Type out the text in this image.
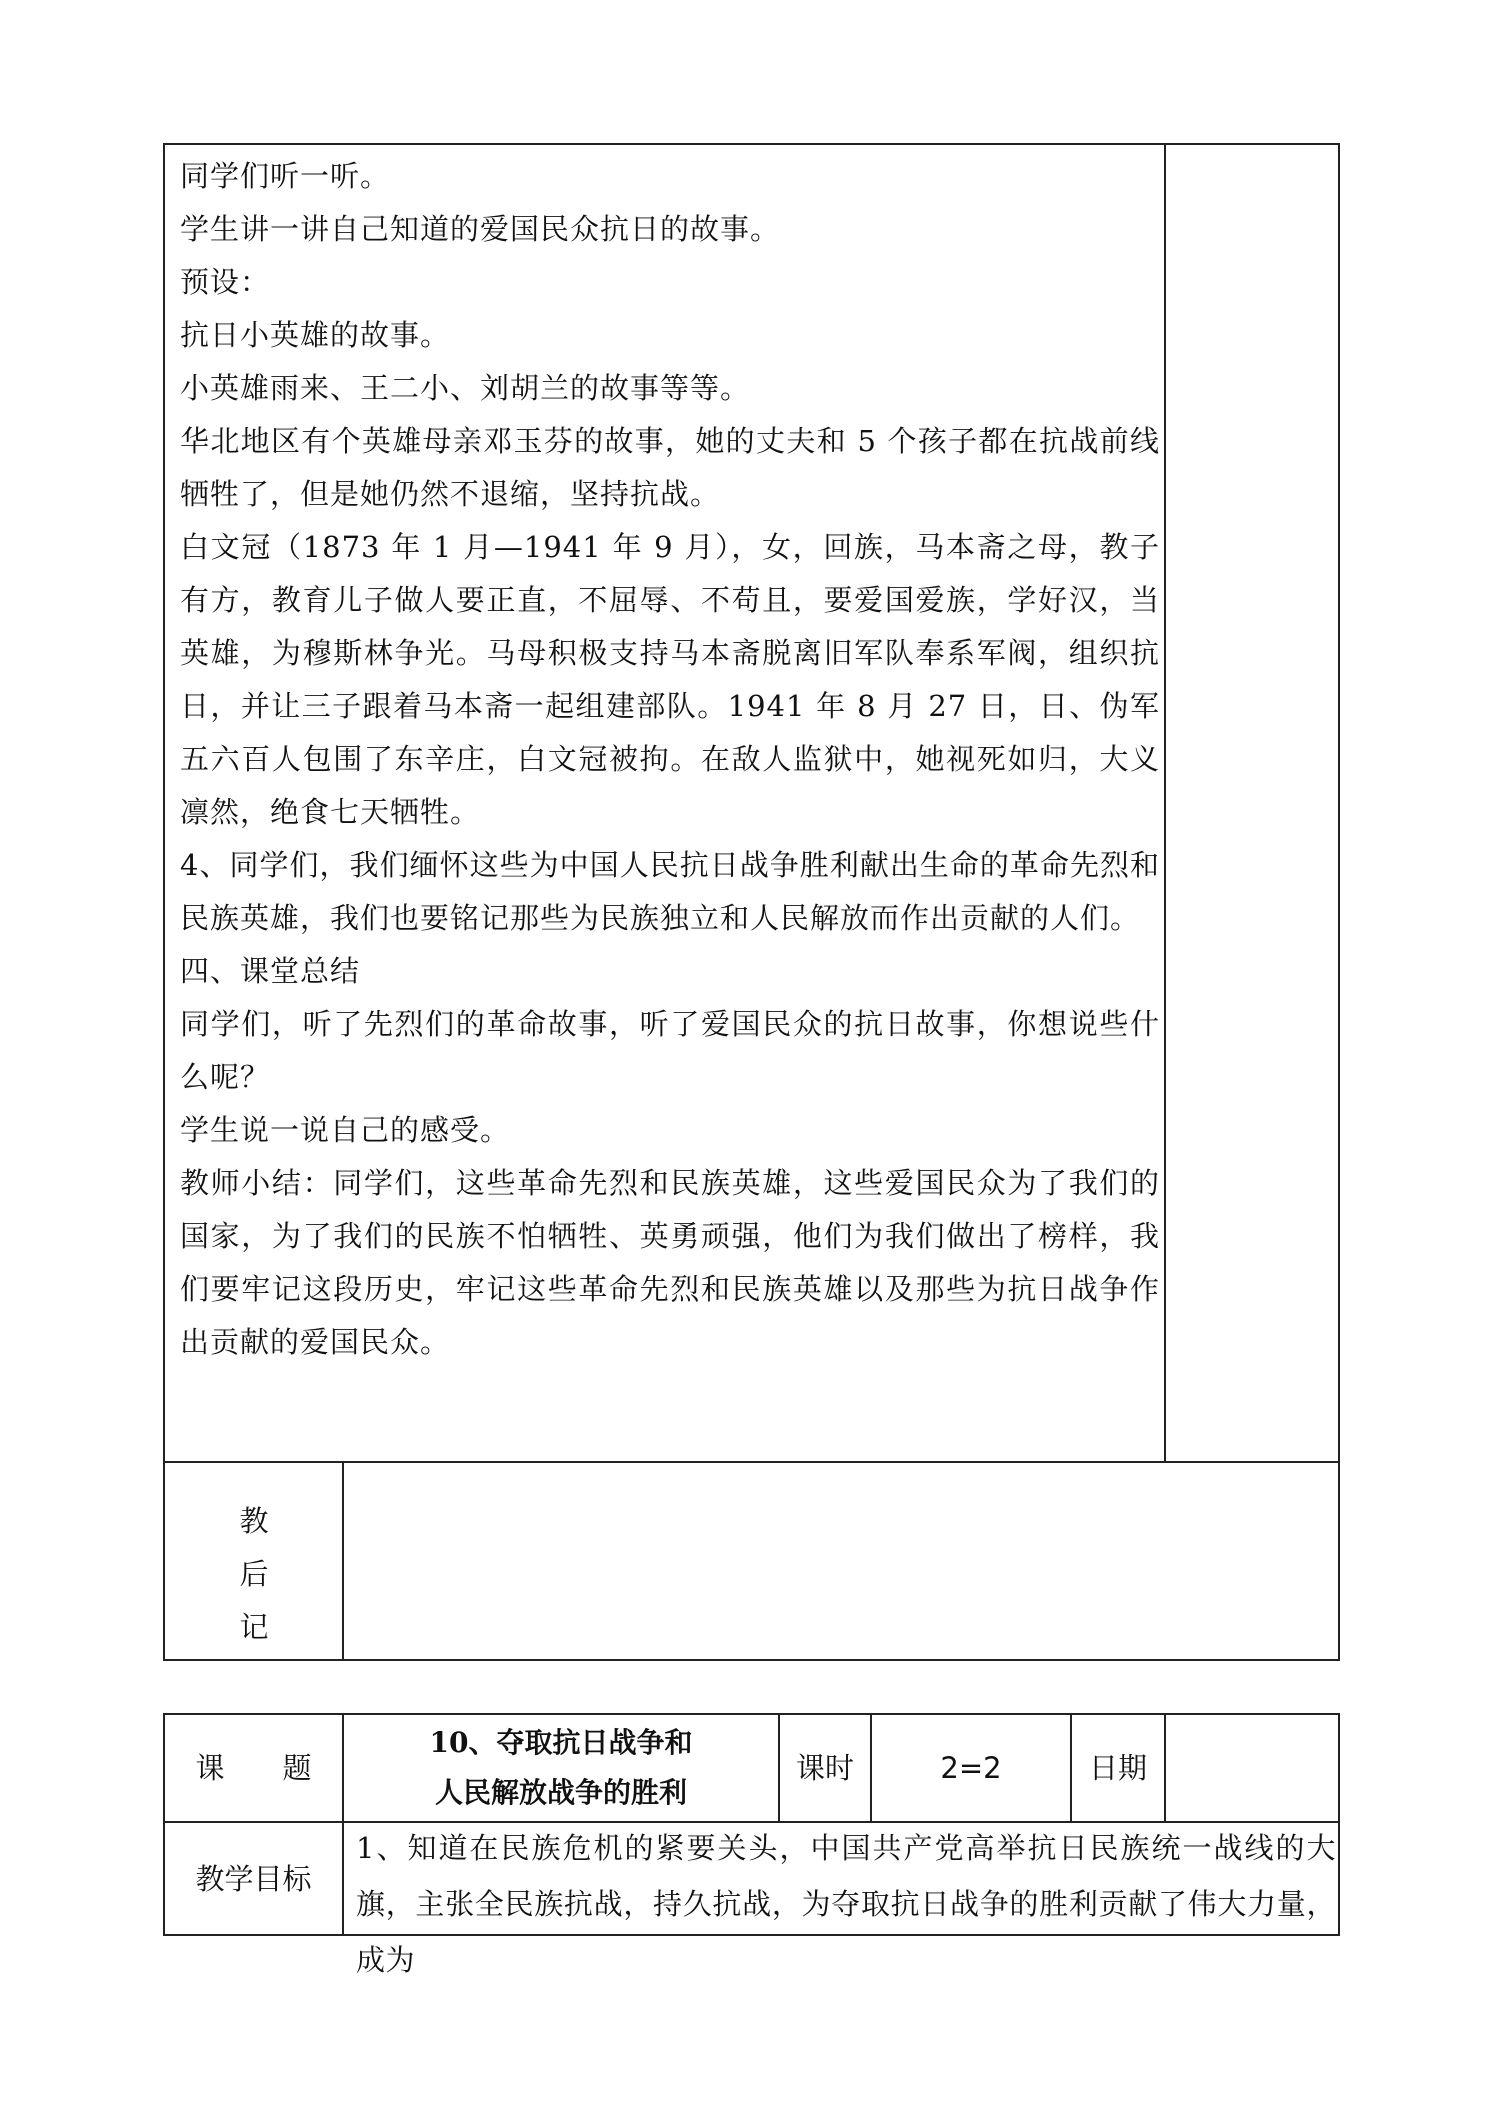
同学们听一听。

学生讲一讲自己知道的爱国民众抗日的故事。

预设：

抗日小英雄的故事。

小英雄雨来、王二小、刘胡兰的故事等等。

华北地区有个英雄母亲邓玉芬的故事，她的丈夫和 5 个孩子都在抗战前线牺牲了，但是她仍然不退缩，坚持抗战。

白文冠（1873 年 1 月—1941 年 9 月），女，回族，马本斋之母，教子有方，教育儿子做人要正直，不屈辱、不苟且，要爱国爱族，学好汉，当英雄，为穆斯林争光。马母积极支持马本斋脱离旧军队奉系军阀，组织抗日，并让三子跟着马本斋一起组建部队。1941 年 8 月 27 日，日、伪军五六百人包围了东辛庄，白文冠被拘。在敌人监狱中，她视死如归，大义凛然，绝食七天牺牲。

4、同学们，我们缅怀这些为中国人民抗日战争胜利献出生命的革命先烈和民族英雄，我们也要铭记那些为民族独立和人民解放而作出贡献的人们。

四、课堂总结

同学们，听了先烈们的革命故事，听了爱国民众的抗日故事，你想说些什么呢？

学生说一说自己的感受。

教师小结：同学们，这些革命先烈和民族英雄，这些爱国民众为了我们的国家，为了我们的民族不怕牺牲、英勇顽强，他们为我们做出了榜样，我们要牢记这段历史，牢记这些革命先烈和民族英雄以及那些为抗日战争作出贡献的爱国民众。

教
后
记
课　　题
10、夺取抗日战争和
人民解放战争的胜利
课时	2=2	日期
教学目标
1、知道在民族危机的紧要关头，中国共产党高举抗日民族统一战线的大旗，主张全民族抗战，持久抗战，为夺取抗日战争的胜利贡献了伟大力量，成为
